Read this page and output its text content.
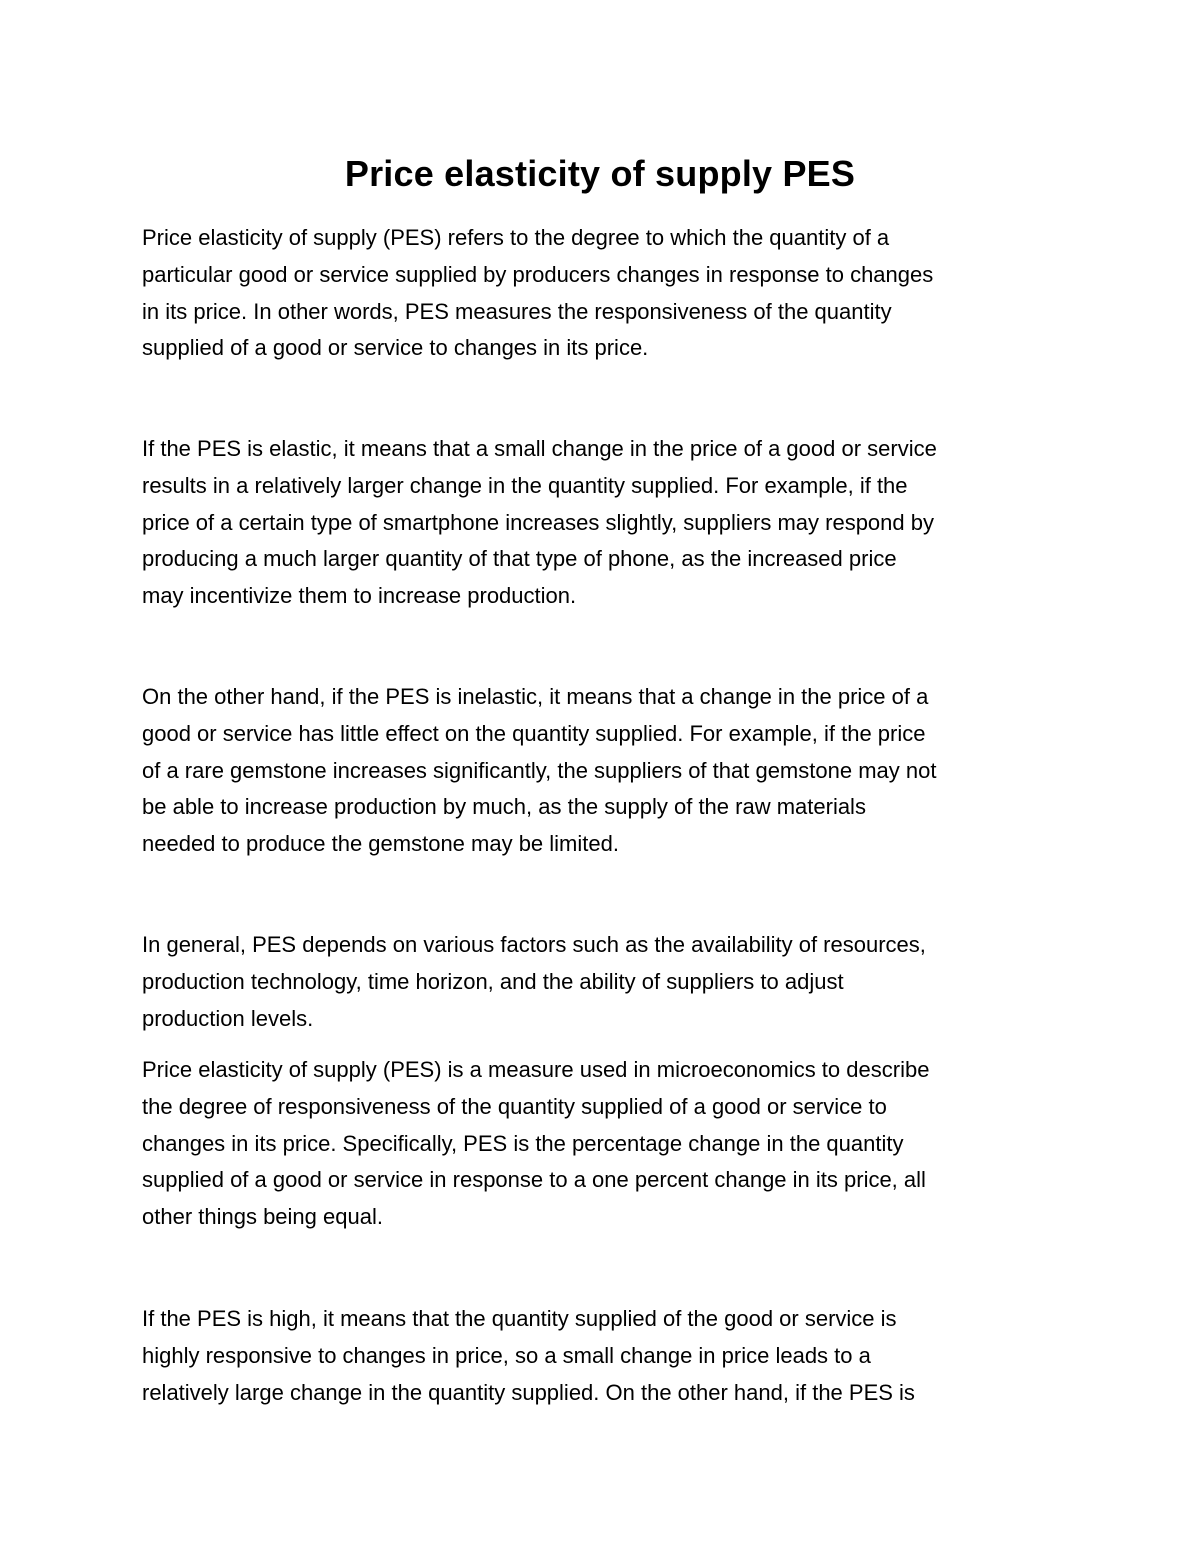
Price elasticity of supply PES
Price elasticity of supply (PES) refers to the degree to which the quantity of a
particular good or service supplied by producers changes in response to changes
in its price. In other words, PES measures the responsiveness of the quantity
supplied of a good or service to changes in its price.
If the PES is elastic, it means that a small change in the price of a good or service
results in a relatively larger change in the quantity supplied. For example, if the
price of a certain type of smartphone increases slightly, suppliers may respond by
producing a much larger quantity of that type of phone, as the increased price
may incentivize them to increase production.
On the other hand, if the PES is inelastic, it means that a change in the price of a
good or service has little effect on the quantity supplied. For example, if the price
of a rare gemstone increases significantly, the suppliers of that gemstone may not
be able to increase production by much, as the supply of the raw materials
needed to produce the gemstone may be limited.
In general, PES depends on various factors such as the availability of resources,
production technology, time horizon, and the ability of suppliers to adjust
production levels.
Price elasticity of supply (PES) is a measure used in microeconomics to describe
the degree of responsiveness of the quantity supplied of a good or service to
changes in its price. Specifically, PES is the percentage change in the quantity
supplied of a good or service in response to a one percent change in its price, all
other things being equal.
If the PES is high, it means that the quantity supplied of the good or service is
highly responsive to changes in price, so a small change in price leads to a
relatively large change in the quantity supplied. On the other hand, if the PES is
